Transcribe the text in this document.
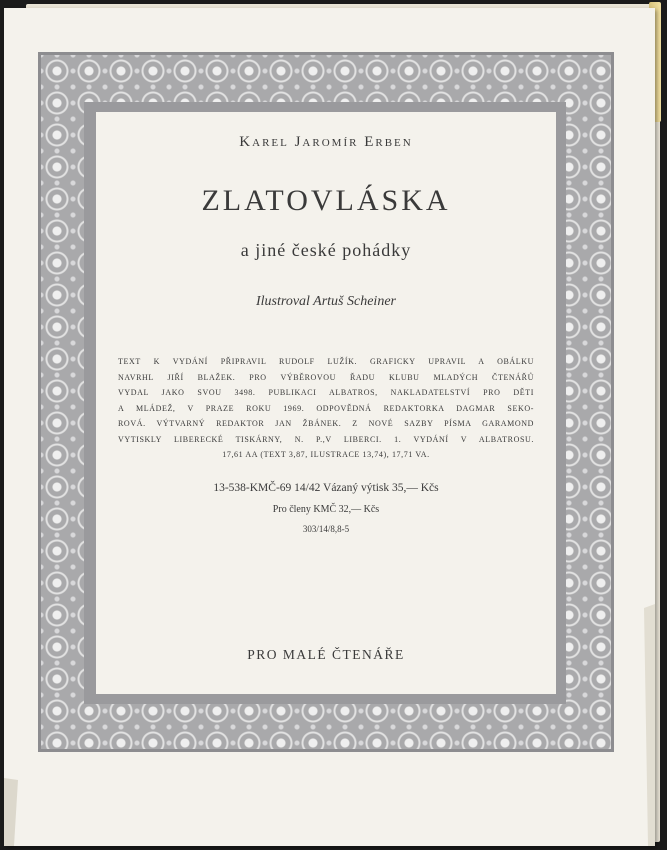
Karel Jaromír Erben
ZLATOVLÁSKA
a jiné české pohádky
Ilustroval Artuš Scheiner
TEXT K VYDÁNÍ PŘIPRAVIL RUDOLF LUŽÍK. GRAFICKY UPRAVIL A OBÁLKU
NAVRHL JIŘÍ BLAŽEK. PRO VÝBĚROVOU ŘADU KLUBU MLADÝCH ČTENÁŘŮ
VYDAL JAKO SVOU 3498. PUBLIKACI ALBATROS, NAKLADATELSTVÍ PRO DĚTI
A MLÁDEŽ, V PRAZE ROKU 1969. ODPOVĚDNÁ REDAKTORKA DAGMAR SEKO-
ROVÁ. VÝTVARNÝ REDAKTOR JAN ŽBÁNEK. Z NOVÉ SAZBY PÍSMA GARAMOND
VYTISKLY LIBERECKÉ TISKÁRNY, N. P.,V LIBERCI. 1. VYDÁNÍ V ALBATROSU.
17,61 AA (TEXT 3,87, ILUSTRACE 13,74), 17,71 VA.
13-538-KMČ-69 14/42 Vázaný výtisk 35,— Kčs
Pro členy KMČ 32,— Kčs
303/14/8,8-5
PRO MALÉ ČTENÁŘE
